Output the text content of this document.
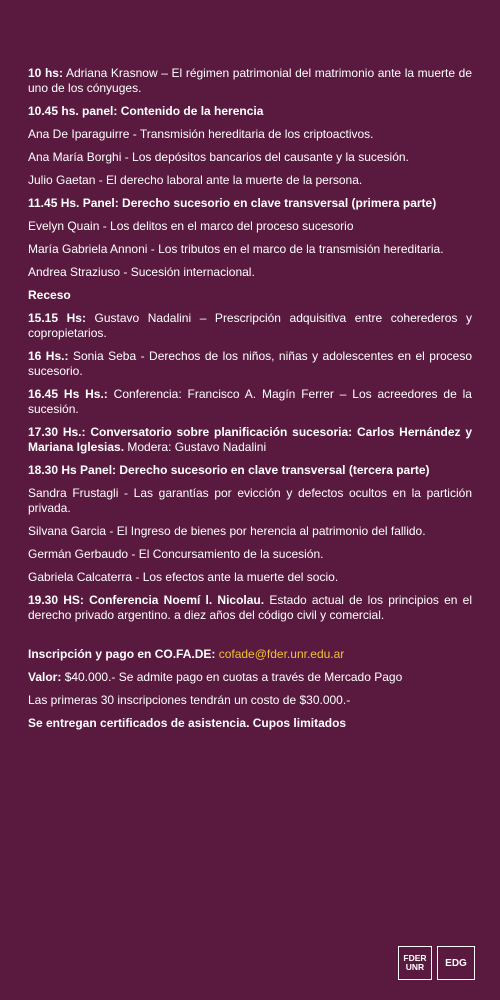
10 hs: Adriana Krasnow – El régimen patrimonial del matrimonio ante la muerte de uno de los cónyuges.

10.45 hs. panel: Contenido de la herencia

Ana De Iparaguirre - Transmisión hereditaria de los criptoactivos.

Ana María Borghi - Los depósitos bancarios del causante y la sucesión.

Julio Gaetan - El derecho laboral ante la muerte de la persona.

11.45 Hs. Panel: Derecho sucesorio en clave transversal (primera parte)

Evelyn Quain - Los delitos en el marco del proceso sucesorio

María Gabriela Annoni - Los tributos en el marco de la transmisión hereditaria.

Andrea Straziuso - Sucesión internacional.

Receso

15.15 Hs: Gustavo Nadalini – Prescripción adquisitiva entre coherederos y copropietarios.

16 Hs.: Sonia Seba - Derechos de los niños, niñas y adolescentes en el proceso sucesorio.

16.45 Hs Hs.: Conferencia: Francisco A. Magín Ferrer – Los acreedores de la sucesión.

17.30 Hs.: Conversatorio sobre planificación sucesoria: Carlos Hernández y Mariana Iglesias. Modera: Gustavo Nadalini

18.30 Hs Panel: Derecho sucesorio en clave transversal (tercera parte)

Sandra Frustagli - Las garantías por evicción y defectos ocultos en la partición privada.

Silvana Garcia - El Ingreso de bienes por herencia al patrimonio del fallido.

Germán Gerbaudo - El Concursamiento de la sucesión.

Gabriela Calcaterra - Los efectos ante la muerte del socio.

19.30 HS: Conferencia Noemí l. Nicolau. Estado actual de los principios en el derecho privado argentino. a diez años del código civil y comercial.

Inscripción y pago en CO.FA.DE: cofade@fder.unr.edu.ar

Valor: $40.000.- Se admite pago en cuotas a través de Mercado Pago

Las primeras 30 inscripciones tendrán un costo de $30.000.-

Se entregan certificados de asistencia. Cupos limitados

FDER
UNR EDG
